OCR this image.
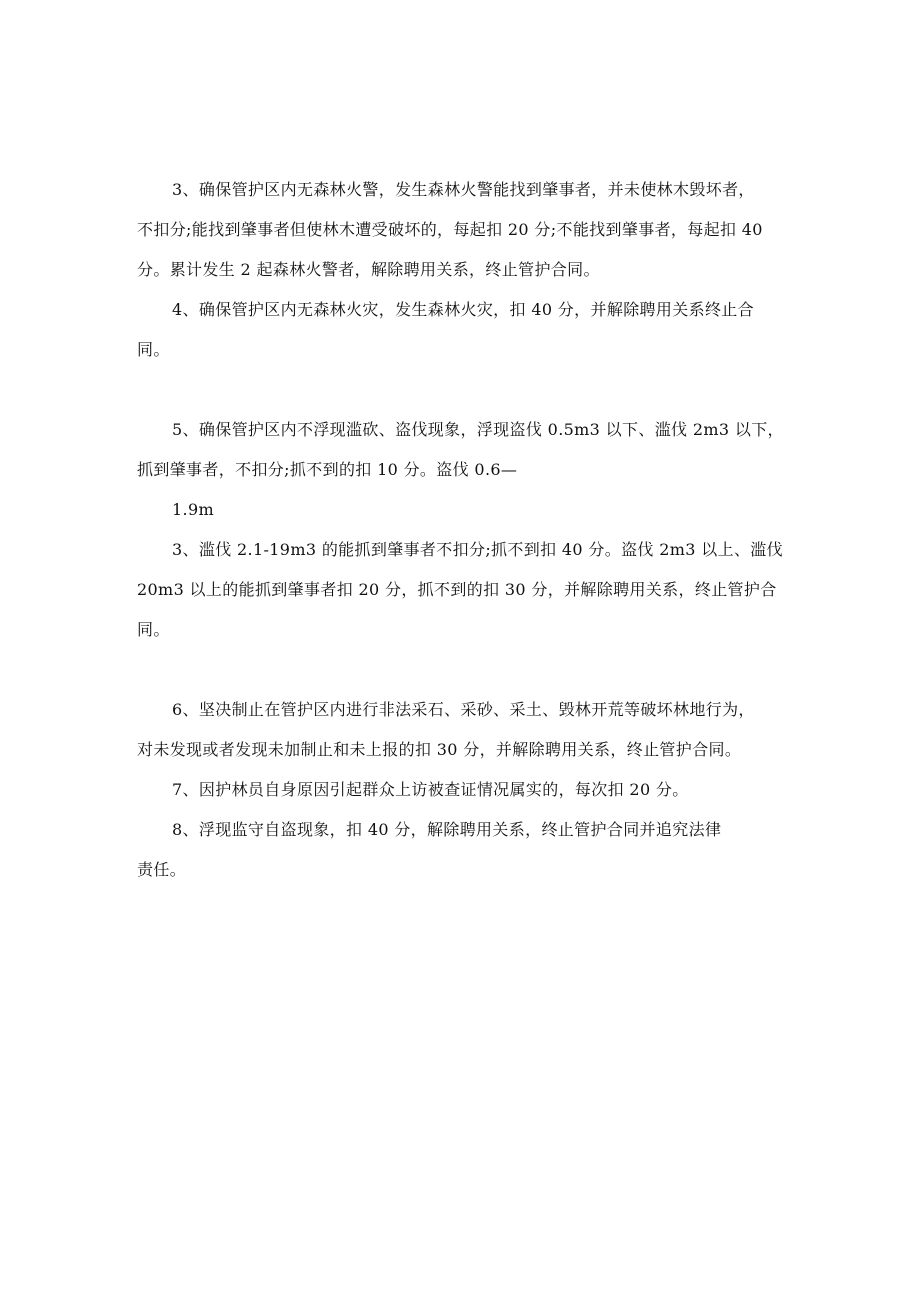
3、确保管护区内无森林火警，发生森林火警能找到肇事者，并未使林木毁坏者，
不扣分;能找到肇事者但使林木遭受破坏的，每起扣 20 分;不能找到肇事者，每起扣 40
分。累计发生 2 起森林火警者，解除聘用关系，终止管护合同。
4、确保管护区内无森林火灾，发生森林火灾，扣 40 分，并解除聘用关系终止合
同。
5、确保管护区内不浮现滥砍、盗伐现象，浮现盗伐 0.5m3 以下、滥伐 2m3 以下，
抓到肇事者，不扣分;抓不到的扣 10 分。盗伐 0.6—
1.9m
3、滥伐 2.1-19m3 的能抓到肇事者不扣分;抓不到扣 40 分。盗伐 2m3 以上、滥伐
20m3 以上的能抓到肇事者扣 20 分，抓不到的扣 30 分，并解除聘用关系，终止管护合
同。
6、坚决制止在管护区内进行非法采石、采砂、采土、毁林开荒等破坏林地行为，
对未发现或者发现未加制止和未上报的扣 30 分，并解除聘用关系，终止管护合同。
7、因护林员自身原因引起群众上访被查证情况属实的，每次扣 20 分。
8、浮现监守自盗现象，扣 40 分，解除聘用关系，终止管护合同并追究法律
责任。
